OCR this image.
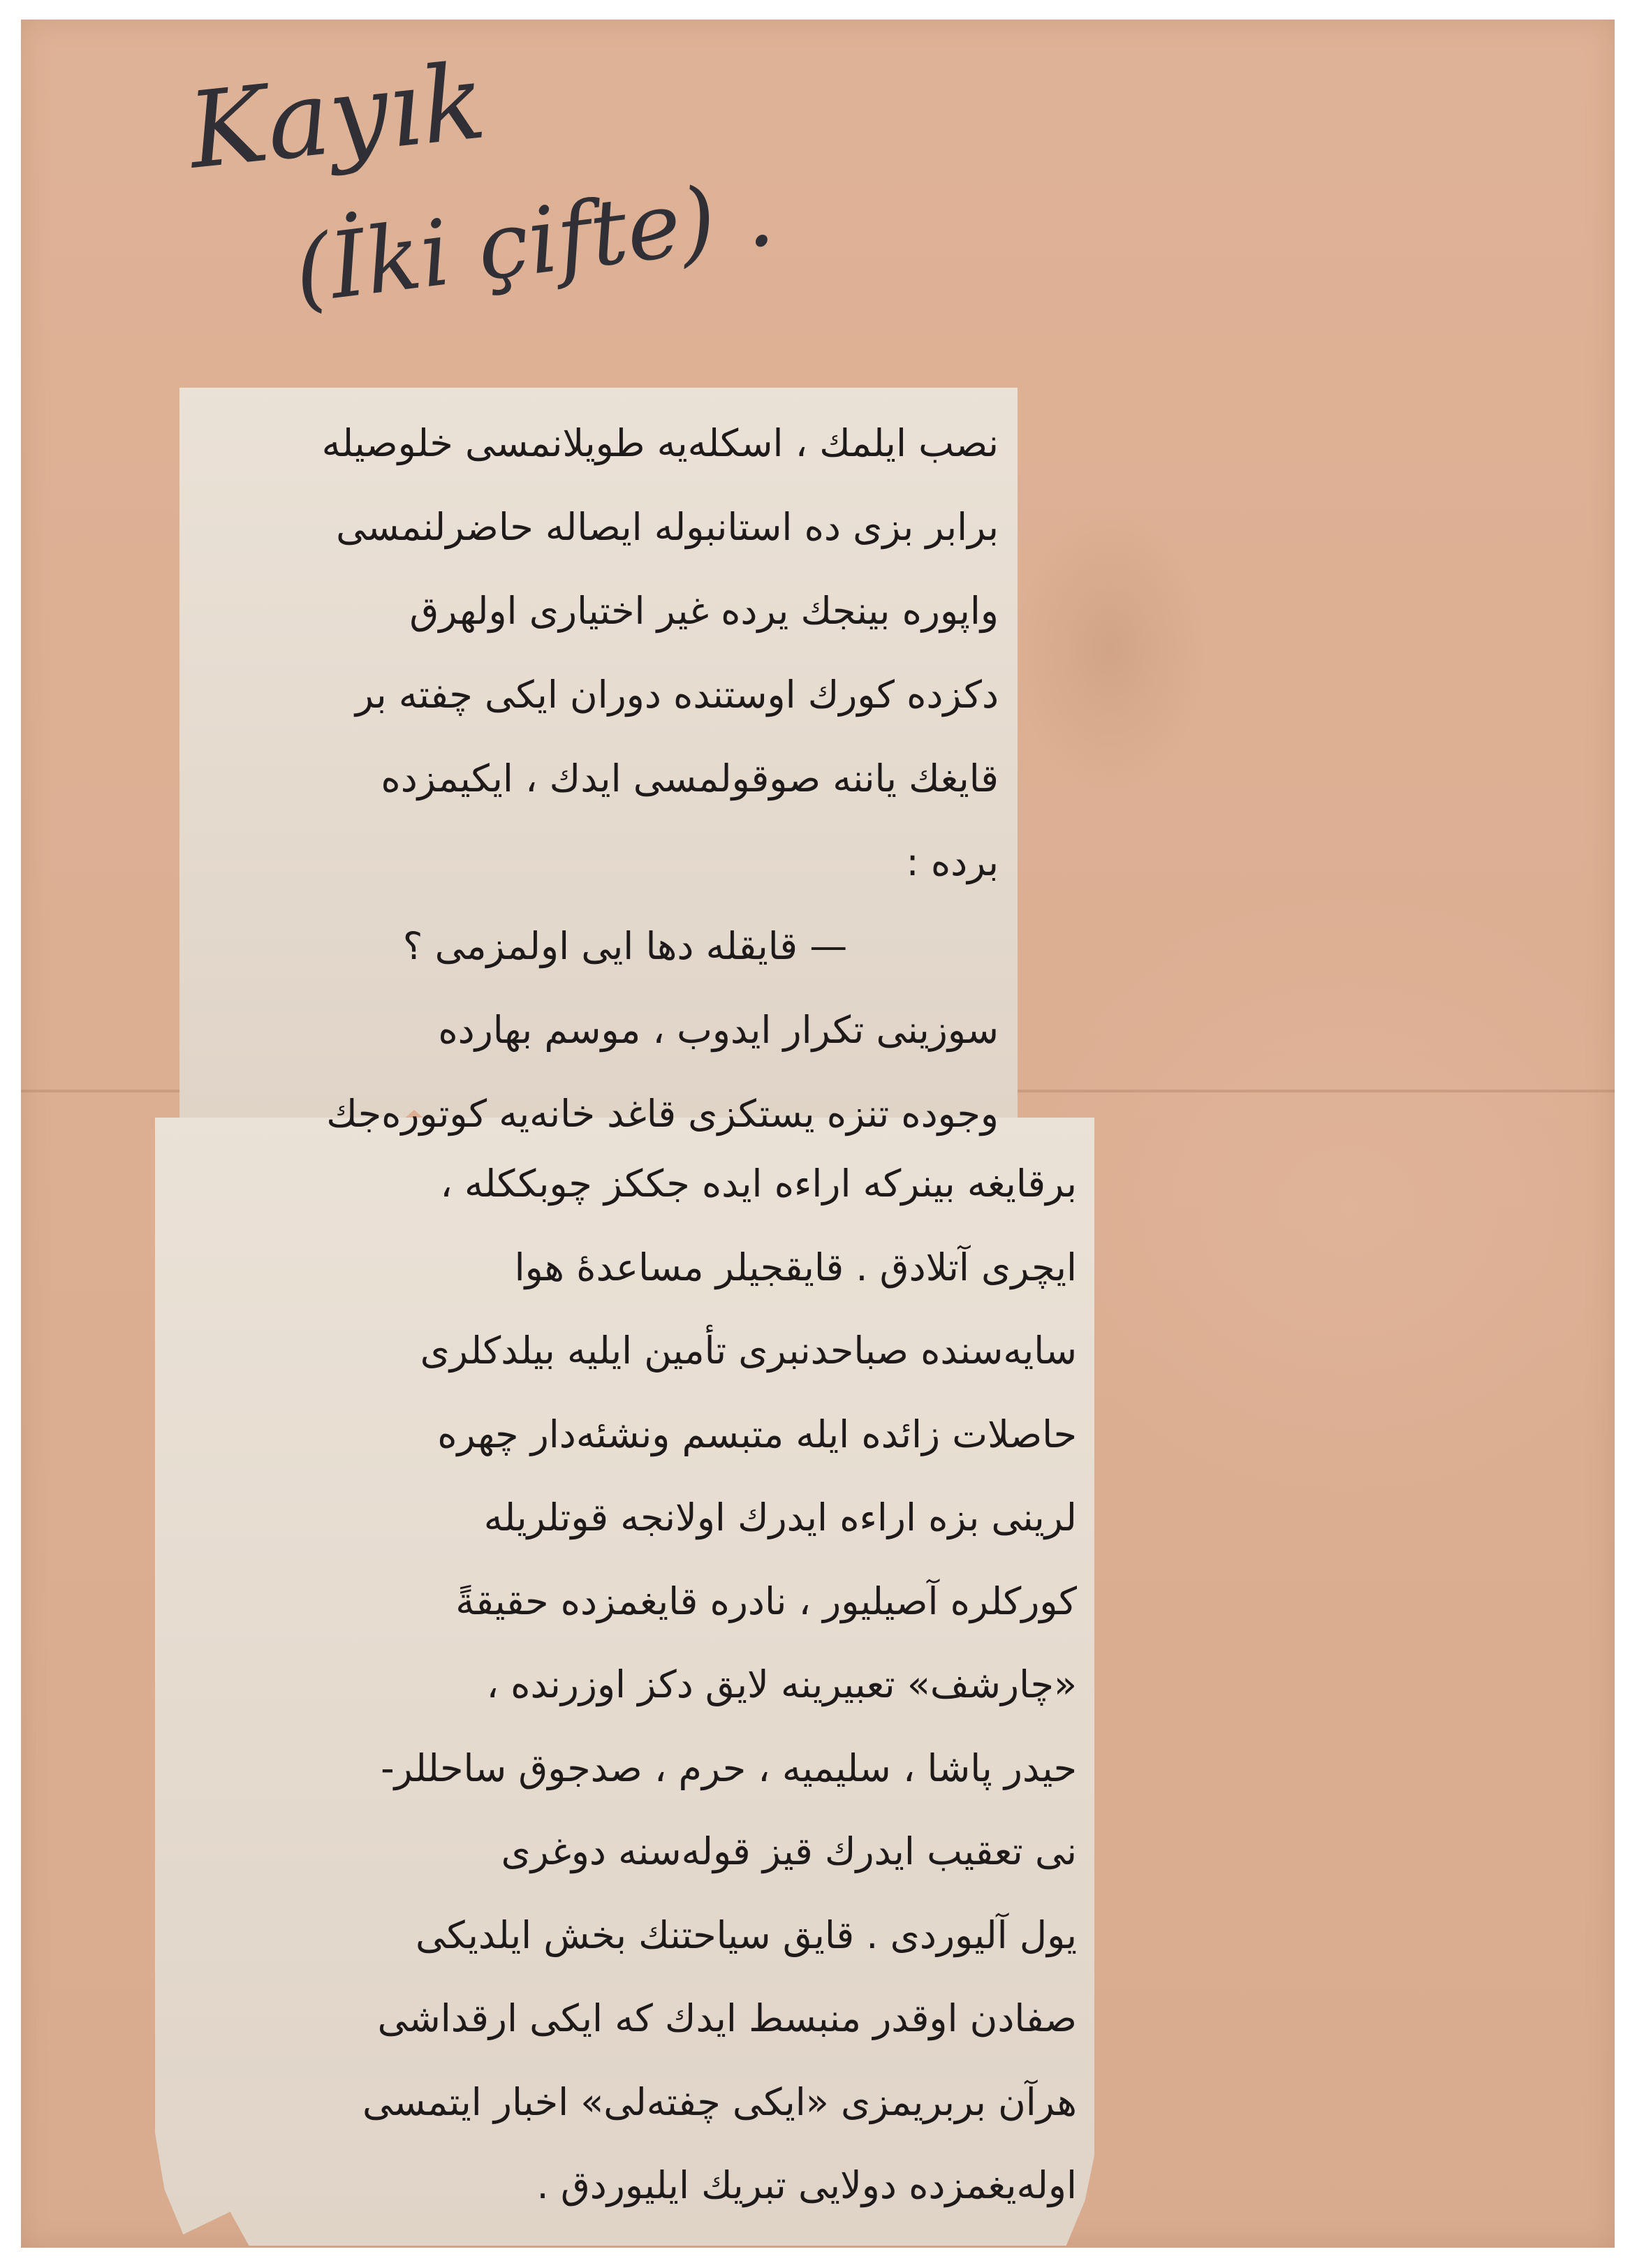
Kayık
(İki çifte) .
نصب ایلمك ، اسكله‌یه طویلانمسی خلوصیله
برابر بزی ده استانبوله ایصاله حاضرلنمسی
واپوره بینجك یرده غیر اختیاری اولهرق
دكزده كورك اوستنده دوران ایكی چفته بر
قایغك یاننه صوقولمسی ایدك ، ایكیمزده
برده :
— قایقله دها ایی اولمزمی ؟
سوزینی تكرار ایدوب ، موسم بهارده
وجوده تنزه یستكزی قاغد خانه‌یه كوتوره‌جك
برقایغه بینرکه اراءه ایده جککز چوبککله ،
ایچری آتلادق . قایقجیلر مساعدهٔ هوا
سایه‌سنده صباحدنبری تأمین ایلیه بیلدکلری
حاصلات زائده ایله متبسم ونشئه‌دار چهره‌
لرینی بزه اراءه ایدرك اولانجه قوتلریله
کورکلره آصیلیور ، نادره قایغمزده حقیقةً
«چارشف» تعبیرینه لایق دکز اوزرنده ،
حیدر پاشا ، سلیمیه ، حرم ، صدجوق ساحللر-
نی تعقیب ایدرك قیز قوله‌سنه دوغری
یول آلیوردی . قایق سیاحتنك بخش ایلدیکی
صفادن اوقدر منبسط ایدك که ایكی ارقداشی
هرآن بربریمزی «ایكی چفته‌لی» اخبار ایتمسی
اوله‌یغمزده دولایی تبریك ایلیوردق .
